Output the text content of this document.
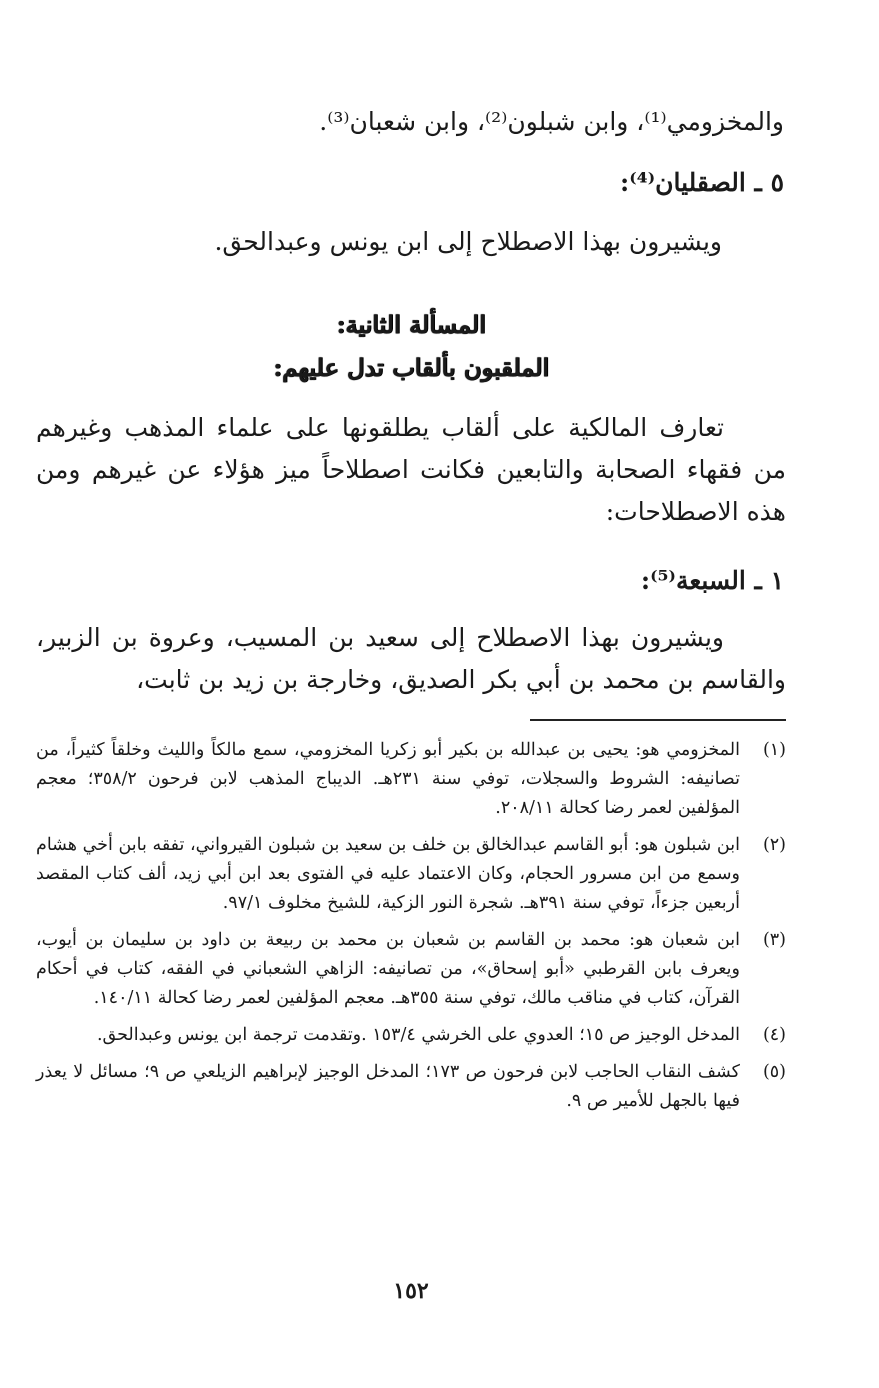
والمخزومي⁽¹⁾، وابن شبلون⁽²⁾، وابن شعبان⁽³⁾.

٥ ـ الصقليان⁽⁴⁾:

ويشيرون بهذا الاصطلاح إلى ابن يونس وعبدالحق.

المسألة الثانية:
الملقبون بألقاب تدل عليهم:

تعارف المالكية على ألقاب يطلقونها على علماء المذهب وغيرهم من فقهاء الصحابة والتابعين فكانت اصطلاحاً ميز هؤلاء عن غيرهم ومن هذه الاصطلاحات:

١ ـ السبعة⁽⁵⁾:

ويشيرون بهذا الاصطلاح إلى سعيد بن المسيب، وعروة بن الزبير، والقاسم بن محمد بن أبي بكر الصديق، وخارجة بن زيد بن ثابت،

(١)
المخزومي هو: يحيى بن عبدالله بن بكير أبو زكريا المخزومي، سمع مالكاً والليث وخلقاً كثيراً، من تصانيفه: الشروط والسجلات، توفي سنة ٢٣١هـ. الديباج المذهب لابن فرحون ٣٥٨/٢؛ معجم المؤلفين لعمر رضا كحالة ٢٠٨/١١.
(٢)
ابن شبلون هو: أبو القاسم عبدالخالق بن خلف بن سعيد بن شبلون القيرواني، تفقه بابن أخي هشام وسمع من ابن مسرور الحجام، وكان الاعتماد عليه في الفتوى بعد ابن أبي زيد، ألف كتاب المقصد أربعين جزءاً، توفي سنة ٣٩١هـ. شجرة النور الزكية، للشيخ مخلوف ٩٧/١.
(٣)
ابن شعبان هو: محمد بن القاسم بن شعبان بن محمد بن ربيعة بن داود بن سليمان بن أيوب، ويعرف بابن القرطبي «أبو إسحاق»، من تصانيفه: الزاهي الشعباني في الفقه، كتاب في أحكام القرآن، كتاب في مناقب مالك، توفي سنة ٣٥٥هـ. معجم المؤلفين لعمر رضا كحالة ١٤٠/١١.
(٤)
المدخل الوجيز ص ١٥؛ العدوي على الخرشي ١٥٣/٤ .وتقدمت ترجمة ابن يونس وعبدالحق.
(٥)
كشف النقاب الحاجب لابن فرحون ص ١٧٣؛ المدخل الوجيز لإبراهيم الزيلعي ص ٩؛ مسائل لا يعذر فيها بالجهل للأمير ص ٩.
١٥٢
